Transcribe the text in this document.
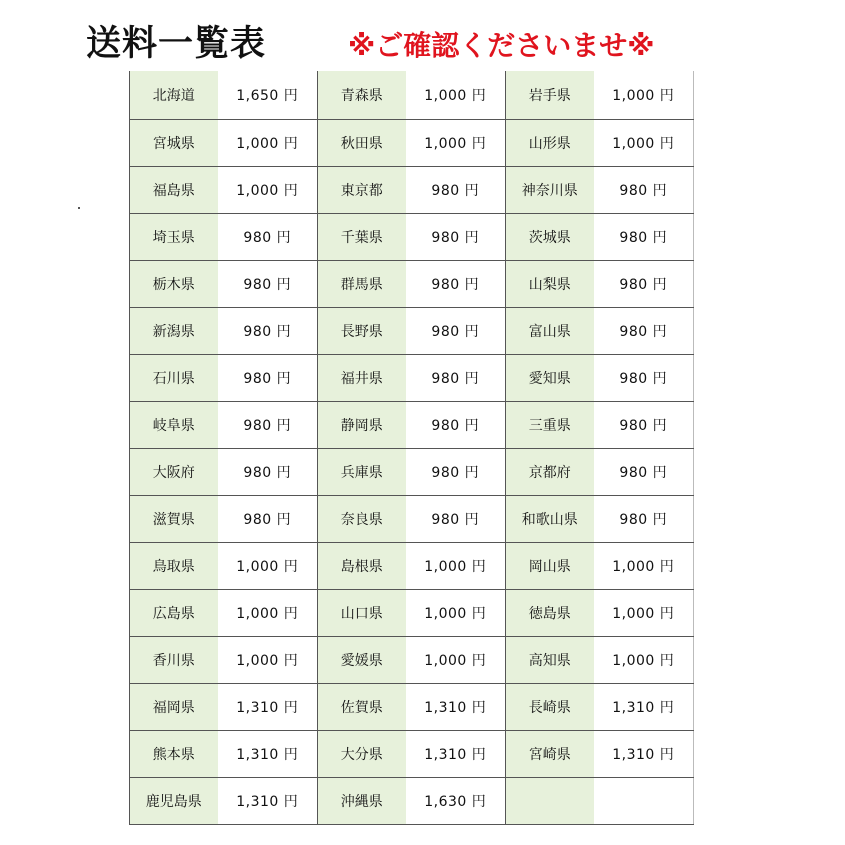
送料一覧表	※ご確認くださいませ※
北海道	1,650 円	青森県	1,000 円	岩手県	1,000 円
宮城県	1,000 円	秋田県	1,000 円	山形県	1,000 円
福島県	1,000 円	東京都	980 円	神奈川県	980 円
埼玉県	980 円	千葉県	980 円	茨城県	980 円
栃木県	980 円	群馬県	980 円	山梨県	980 円
新潟県	980 円	長野県	980 円	富山県	980 円
石川県	980 円	福井県	980 円	愛知県	980 円
岐阜県	980 円	静岡県	980 円	三重県	980 円
大阪府	980 円	兵庫県	980 円	京都府	980 円
滋賀県	980 円	奈良県	980 円	和歌山県	980 円
鳥取県	1,000 円	島根県	1,000 円	岡山県	1,000 円
広島県	1,000 円	山口県	1,000 円	徳島県	1,000 円
香川県	1,000 円	愛媛県	1,000 円	高知県	1,000 円
福岡県	1,310 円	佐賀県	1,310 円	長崎県	1,310 円
熊本県	1,310 円	大分県	1,310 円	宮崎県	1,310 円
鹿児島県	1,310 円	沖縄県	1,630 円		
